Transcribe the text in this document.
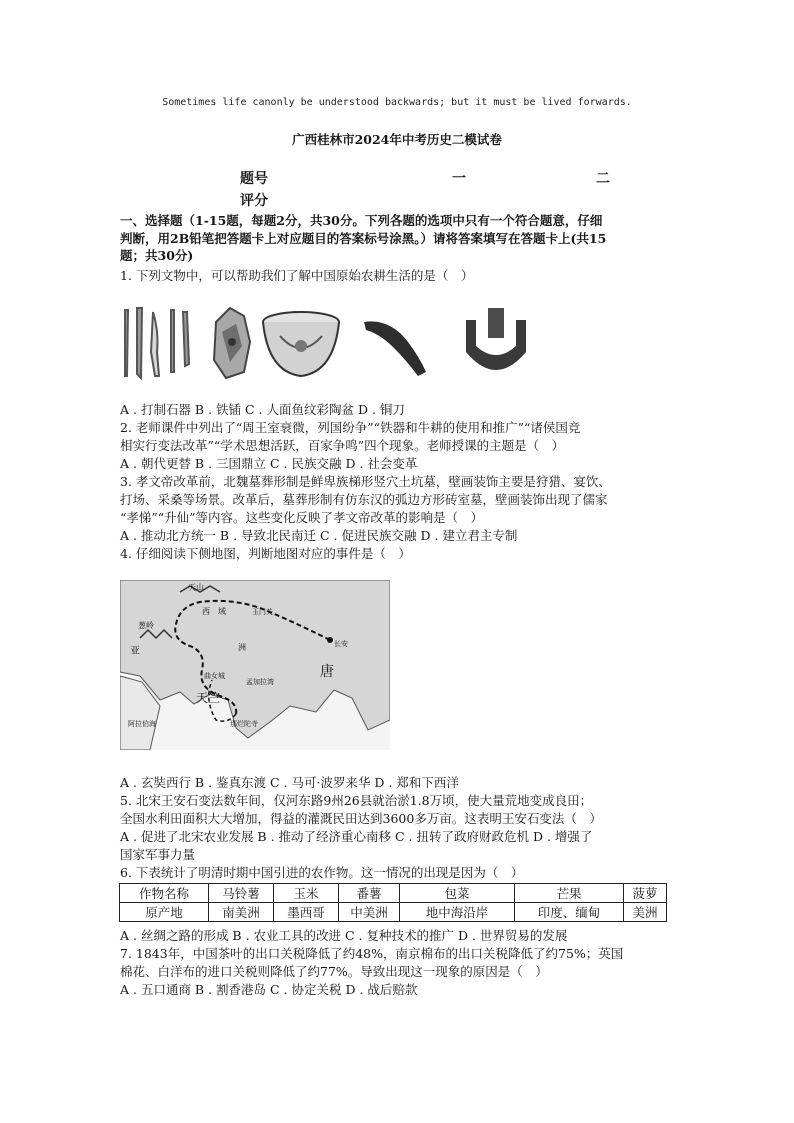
Sometimes life canonly be understood backwards; but it must be lived forwards.
广西桂林市2024年中考历史二模试卷
题号	一	二
评分
一、选择题（1-15题，每题2分，共30分。下列各题的选项中只有一个符合题意，仔细
判断，用2B铅笔把答题卡上对应题目的答案标号涂黑。）请将答案填写在答题卡上(共15
题；共30分)
1. 下列文物中，可以帮助我们了解中国原始农耕生活的是（　）
A . 打制石器 B . 铁锸 C . 人面鱼纹彩陶盆 D . 铜刀
2. 老师课件中列出了“周王室衰微，列国纷争”“铁器和牛耕的使用和推广”“诸侯国竞
相实行变法改革”“学术思想活跃，百家争鸣”四个现象。老师授课的主题是（　）
A . 朝代更替 B . 三国鼎立 C . 民族交融 D . 社会变革
3. 孝文帝改革前，北魏墓葬形制是鲜卑族梯形竖穴土坑墓，壁画装饰主要是狩猎、宴饮、
打场、采桑等场景。改革后，墓葬形制有仿东汉的弧边方形砖室墓，壁画装饰出现了儒家
“孝悌”“升仙”等内容。这些变化反映了孝文帝改革的影响是（　）
A . 推动北方统一 B . 导致北民南迁 C . 促进民族交融 D . 建立君主专制
4. 仔细阅读下侧地图，判断地图对应的事件是（　）
天山
西　域	玉门关
葱岭
长安
唐
天竺
亚	洲
阿拉伯海
曲女城
孟加拉湾
那烂陀寺
A . 玄奘西行 B . 鉴真东渡 C . 马可·波罗来华 D . 郑和下西洋
5. 北宋王安石变法数年间，仅河东路9州26县就治淤1.8万顷，使大量荒地变成良田；
全国水利田面积大大增加，得益的灌溉民田达到3600多万亩。这表明王安石变法（　）
A . 促进了北宋农业发展 B . 推动了经济重心南移 C . 扭转了政府财政危机 D . 增强了
国家军事力量
6. 下表统计了明清时期中国引进的农作物。这一情况的出现是因为（　）
作物名称	马铃薯	玉米	番薯	包菜	芒果	菠萝
原产地	南美洲	墨西哥	中美洲	地中海沿岸	印度、缅甸	美洲
A . 丝绸之路的形成 B . 农业工具的改进 C . 复种技术的推广 D . 世界贸易的发展
7. 1843年，中国茶叶的出口关税降低了约48%，南京棉布的出口关税降低了约75%；英国
棉花、白洋布的进口关税则降低了约77%。导致出现这一现象的原因是（　）
A . 五口通商 B . 割香港岛 C . 协定关税 D . 战后赔款
